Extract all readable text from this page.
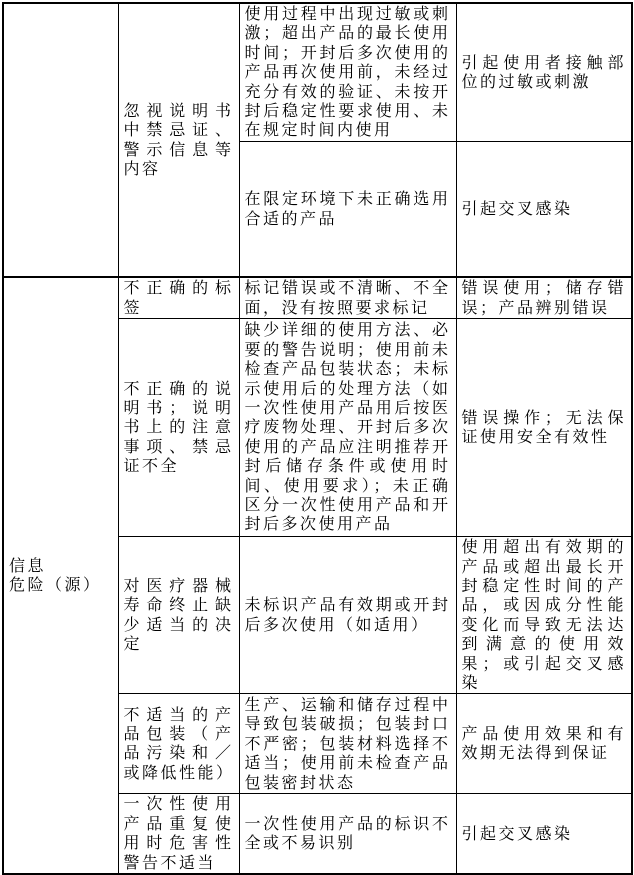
	忽视说明书中禁忌证、警示信息等内容	使用过程中出现过敏或刺激；超出产品的最长使用时间；开封后多次使用的产品再次使用前，未经过充分有效的验证、未按开封后稳定性要求使用、未在规定时间内使用	引起使用者接触部位的过敏或刺激
		在限定环境下未正确选用合适的产品	引起交叉感染

信息
危险（源）	不正确的标签	标记错误或不清晰、不全面，没有按照要求标记	错误使用；储存错误；产品辨别错误
	不正确的说明书；说明书上的注意事项、禁忌证不全	缺少详细的使用方法、必要的警告说明；使用前未检查产品包装状态；未标示使用后的处理方法（如一次性使用产品用后按医疗废物处理、开封后多次使用的产品应注明推荐开封后储存条件或使用时间、使用要求）；未正确区分一次性使用产品和开封后多次使用产品	错误操作；无法保证使用安全有效性
	对医疗器械寿命终止缺少适当的决定	未标识产品有效期或开封后多次使用（如适用）	使用超出有效期的产品或超出最长开封稳定性时间的产品，或因成分性能变化而导致无法达到满意的使用效果；或引起交叉感染
	不适当的产品包装（产品污染和／或降低性能）	生产、运输和储存过程中导致包装破损；包装封口不严密；包装材料选择不适当；使用前未检查产品包装密封状态	产品使用效果和有效期无法得到保证
	一次性使用产品重复使用时危害性警告不适当	一次性使用产品的标识不全或不易识别	引起交叉感染
